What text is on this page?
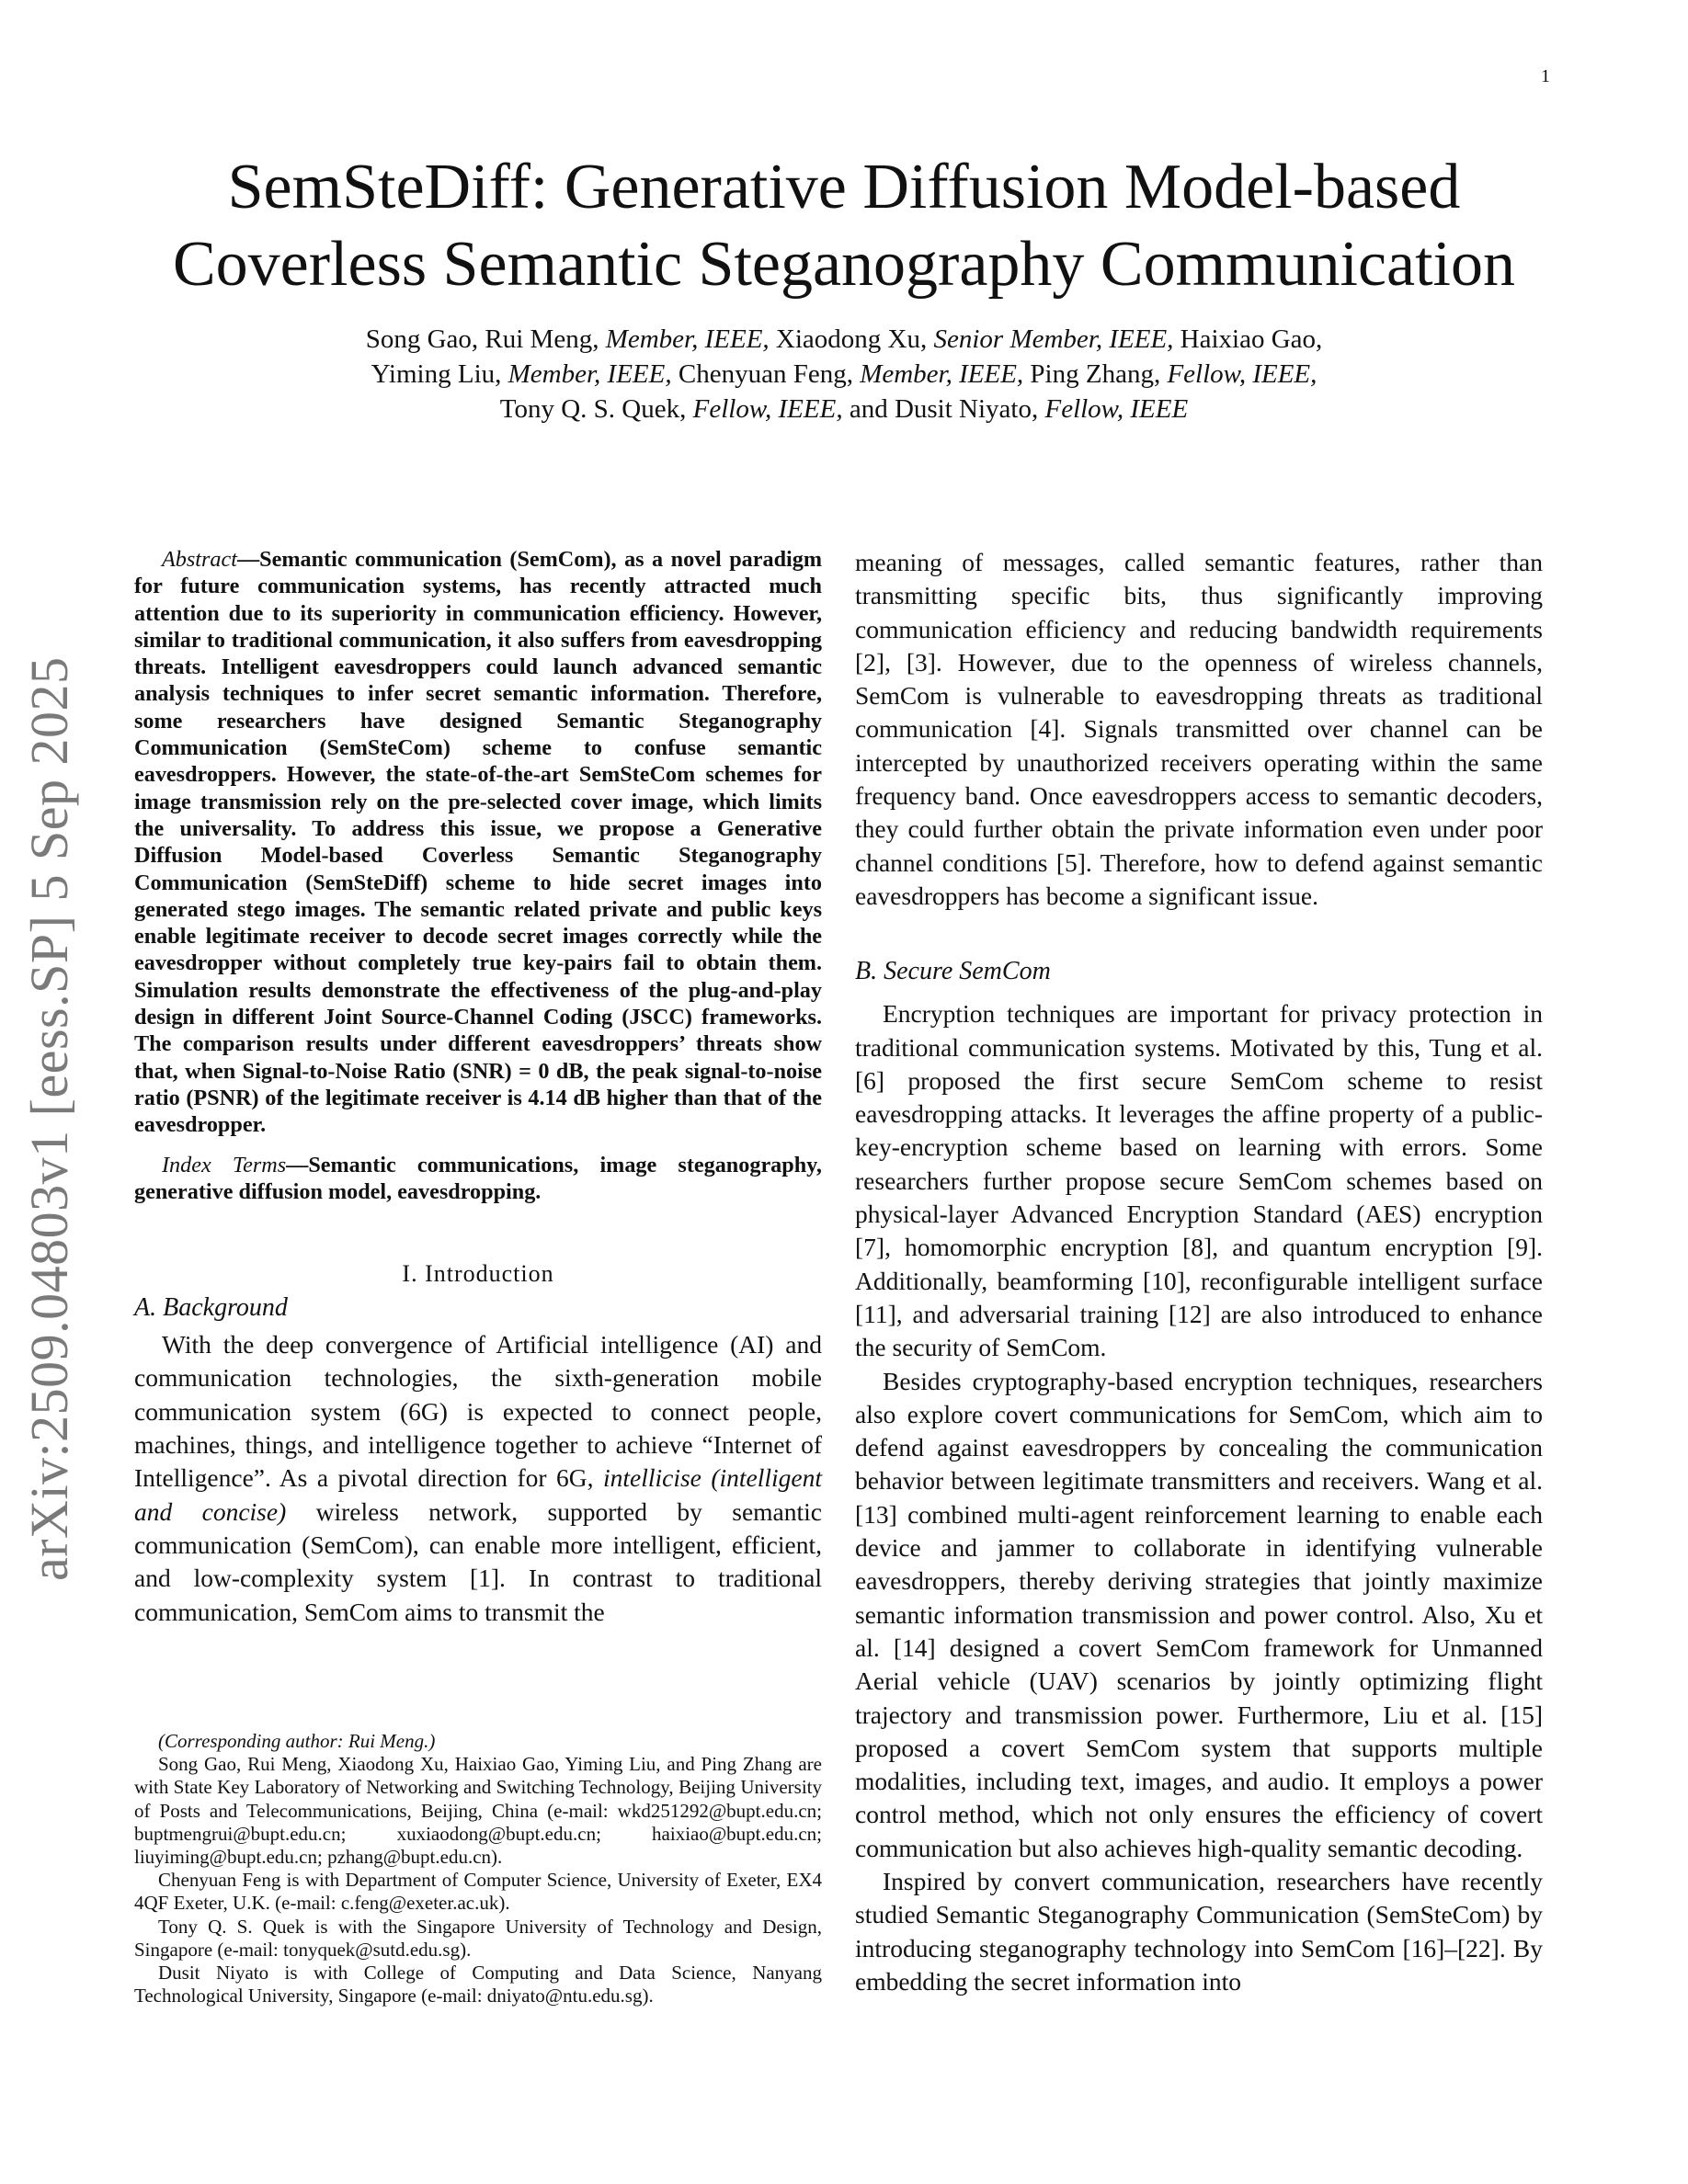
1
arXiv:2509.04803v1 [eess.SP] 5 Sep 2025
SemSteDiff: Generative Diffusion Model-based
Coverless Semantic Steganography Communication
Song Gao, Rui Meng, Member, IEEE, Xiaodong Xu, Senior Member, IEEE, Haixiao Gao,
Yiming Liu, Member, IEEE, Chenyuan Feng, Member, IEEE, Ping Zhang, Fellow, IEEE,
Tony Q. S. Quek, Fellow, IEEE, and Dusit Niyato, Fellow, IEEE

Abstract—Semantic communication (SemCom), as a novel paradigm for future communication systems, has recently attracted much attention due to its superiority in communication efficiency. However, similar to traditional communication, it also suffers from eavesdropping threats. Intelligent eavesdroppers could launch advanced semantic analysis techniques to infer secret semantic information. Therefore, some researchers have designed Semantic Steganography Communication (SemSteCom) scheme to confuse semantic eavesdroppers. However, the state-of-the-art SemSteCom schemes for image transmission rely on the pre-selected cover image, which limits the universality. To address this issue, we propose a Generative Diffusion Model-based Coverless Semantic Steganography Communication (SemSteDiff) scheme to hide secret images into generated stego images. The semantic related private and public keys enable legitimate receiver to decode secret images correctly while the eavesdropper without completely true key-pairs fail to obtain them. Simulation results demonstrate the effectiveness of the plug-and-play design in different Joint Source-Channel Coding (JSCC) frameworks. The comparison results under different eavesdroppers’ threats show that, when Signal-to-Noise Ratio (SNR) = 0 dB, the peak signal-to-noise ratio (PSNR) of the legitimate receiver is 4.14 dB higher than that of the eavesdropper.

Index Terms—Semantic communications, image steganography, generative diffusion model, eavesdropping.

I. Introduction
A. Background

With the deep convergence of Artificial intelligence (AI) and communication technologies, the sixth-generation mobile communication system (6G) is expected to connect people, machines, things, and intelligence together to achieve “Internet of Intelligence”. As a pivotal direction for 6G, intellicise (intelligent and concise) wireless network, supported by semantic communication (SemCom), can enable more intelligent, efficient, and low-complexity system [1]. In contrast to traditional communication, SemCom aims to transmit the

(Corresponding author: Rui Meng.)

Song Gao, Rui Meng, Xiaodong Xu, Haixiao Gao, Yiming Liu, and Ping Zhang are with State Key Laboratory of Networking and Switching Technology, Beijing University of Posts and Telecommunications, Beijing, China (e-mail: wkd251292@bupt.edu.cn; buptmengrui@bupt.edu.cn; xuxiaodong@bupt.edu.cn; haixiao@bupt.edu.cn; liuyiming@bupt.edu.cn; pzhang@bupt.edu.cn).

Chenyuan Feng is with Department of Computer Science, University of Exeter, EX4 4QF Exeter, U.K. (e-mail: c.feng@exeter.ac.uk).

Tony Q. S. Quek is with the Singapore University of Technology and Design, Singapore (e-mail: tonyquek@sutd.edu.sg).

Dusit Niyato is with College of Computing and Data Science, Nanyang Technological University, Singapore (e-mail: dniyato@ntu.edu.sg).

meaning of messages, called semantic features, rather than transmitting specific bits, thus significantly improving communication efficiency and reducing bandwidth requirements [2], [3]. However, due to the openness of wireless channels, SemCom is vulnerable to eavesdropping threats as traditional communication [4]. Signals transmitted over channel can be intercepted by unauthorized receivers operating within the same frequency band. Once eavesdroppers access to semantic decoders, they could further obtain the private information even under poor channel conditions [5]. Therefore, how to defend against semantic eavesdroppers has become a significant issue.

B. Secure SemCom

Encryption techniques are important for privacy protection in traditional communication systems. Motivated by this, Tung et al. [6] proposed the first secure SemCom scheme to resist eavesdropping attacks. It leverages the affine property of a public-key-encryption scheme based on learning with errors. Some researchers further propose secure SemCom schemes based on physical-layer Advanced Encryption Standard (AES) encryption [7], homomorphic encryption [8], and quantum encryption [9]. Additionally, beamforming [10], reconfigurable intelligent surface [11], and adversarial training [12] are also introduced to enhance the security of SemCom.

Besides cryptography-based encryption techniques, researchers also explore covert communications for SemCom, which aim to defend against eavesdroppers by concealing the communication behavior between legitimate transmitters and receivers. Wang et al. [13] combined multi-agent reinforcement learning to enable each device and jammer to collaborate in identifying vulnerable eavesdroppers, thereby deriving strategies that jointly maximize semantic information transmission and power control. Also, Xu et al. [14] designed a covert SemCom framework for Unmanned Aerial vehicle (UAV) scenarios by jointly optimizing flight trajectory and transmission power. Furthermore, Liu et al. [15] proposed a covert SemCom system that supports multiple modalities, including text, images, and audio. It employs a power control method, which not only ensures the efficiency of covert communication but also achieves high-quality semantic decoding.

Inspired by convert communication, researchers have recently studied Semantic Steganography Communication (SemSteCom) by introducing steganography technology into SemCom [16]–[22]. By embedding the secret information into
